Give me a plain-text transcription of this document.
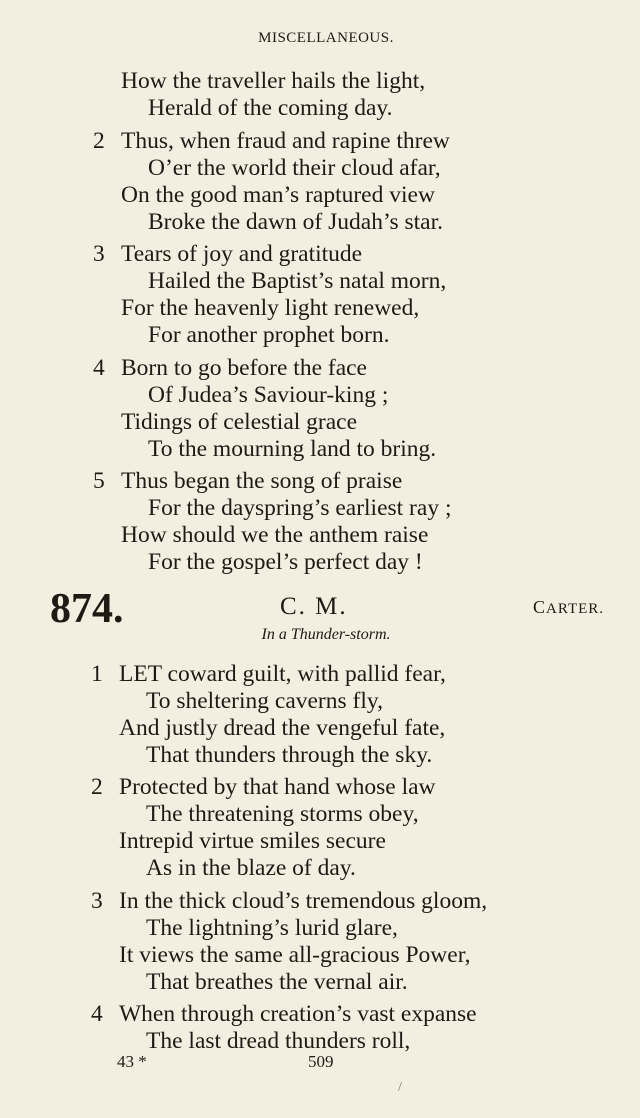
MISCELLANEOUS.
How the traveller hails the light,
Herald of the coming day.
2 Thus, when fraud and rapine threw
O’er the world their cloud afar,
On the good man’s raptured view
Broke the dawn of Judah’s star.
3 Tears of joy and gratitude
Hailed the Baptist’s natal morn,
For the heavenly light renewed,
For another prophet born.
4 Born to go before the face
Of Judea’s Saviour-king ;
Tidings of celestial grace
To the mourning land to bring.
5 Thus began the song of praise
For the dayspring’s earliest ray ;
How should we the anthem raise
For the gospel’s perfect day !
874.	C. M.	CARTER.
In a Thunder-storm.
1 LET coward guilt, with pallid fear,
To sheltering caverns fly,
And justly dread the vengeful fate,
That thunders through the sky.
2 Protected by that hand whose law
The threatening storms obey,
Intrepid virtue smiles secure
As in the blaze of day.
3 In the thick cloud’s tremendous gloom,
The lightning’s lurid glare,
It views the same all-gracious Power,
That breathes the vernal air.
4 When through creation’s vast expanse
The last dread thunders roll,
43 *	509
/
